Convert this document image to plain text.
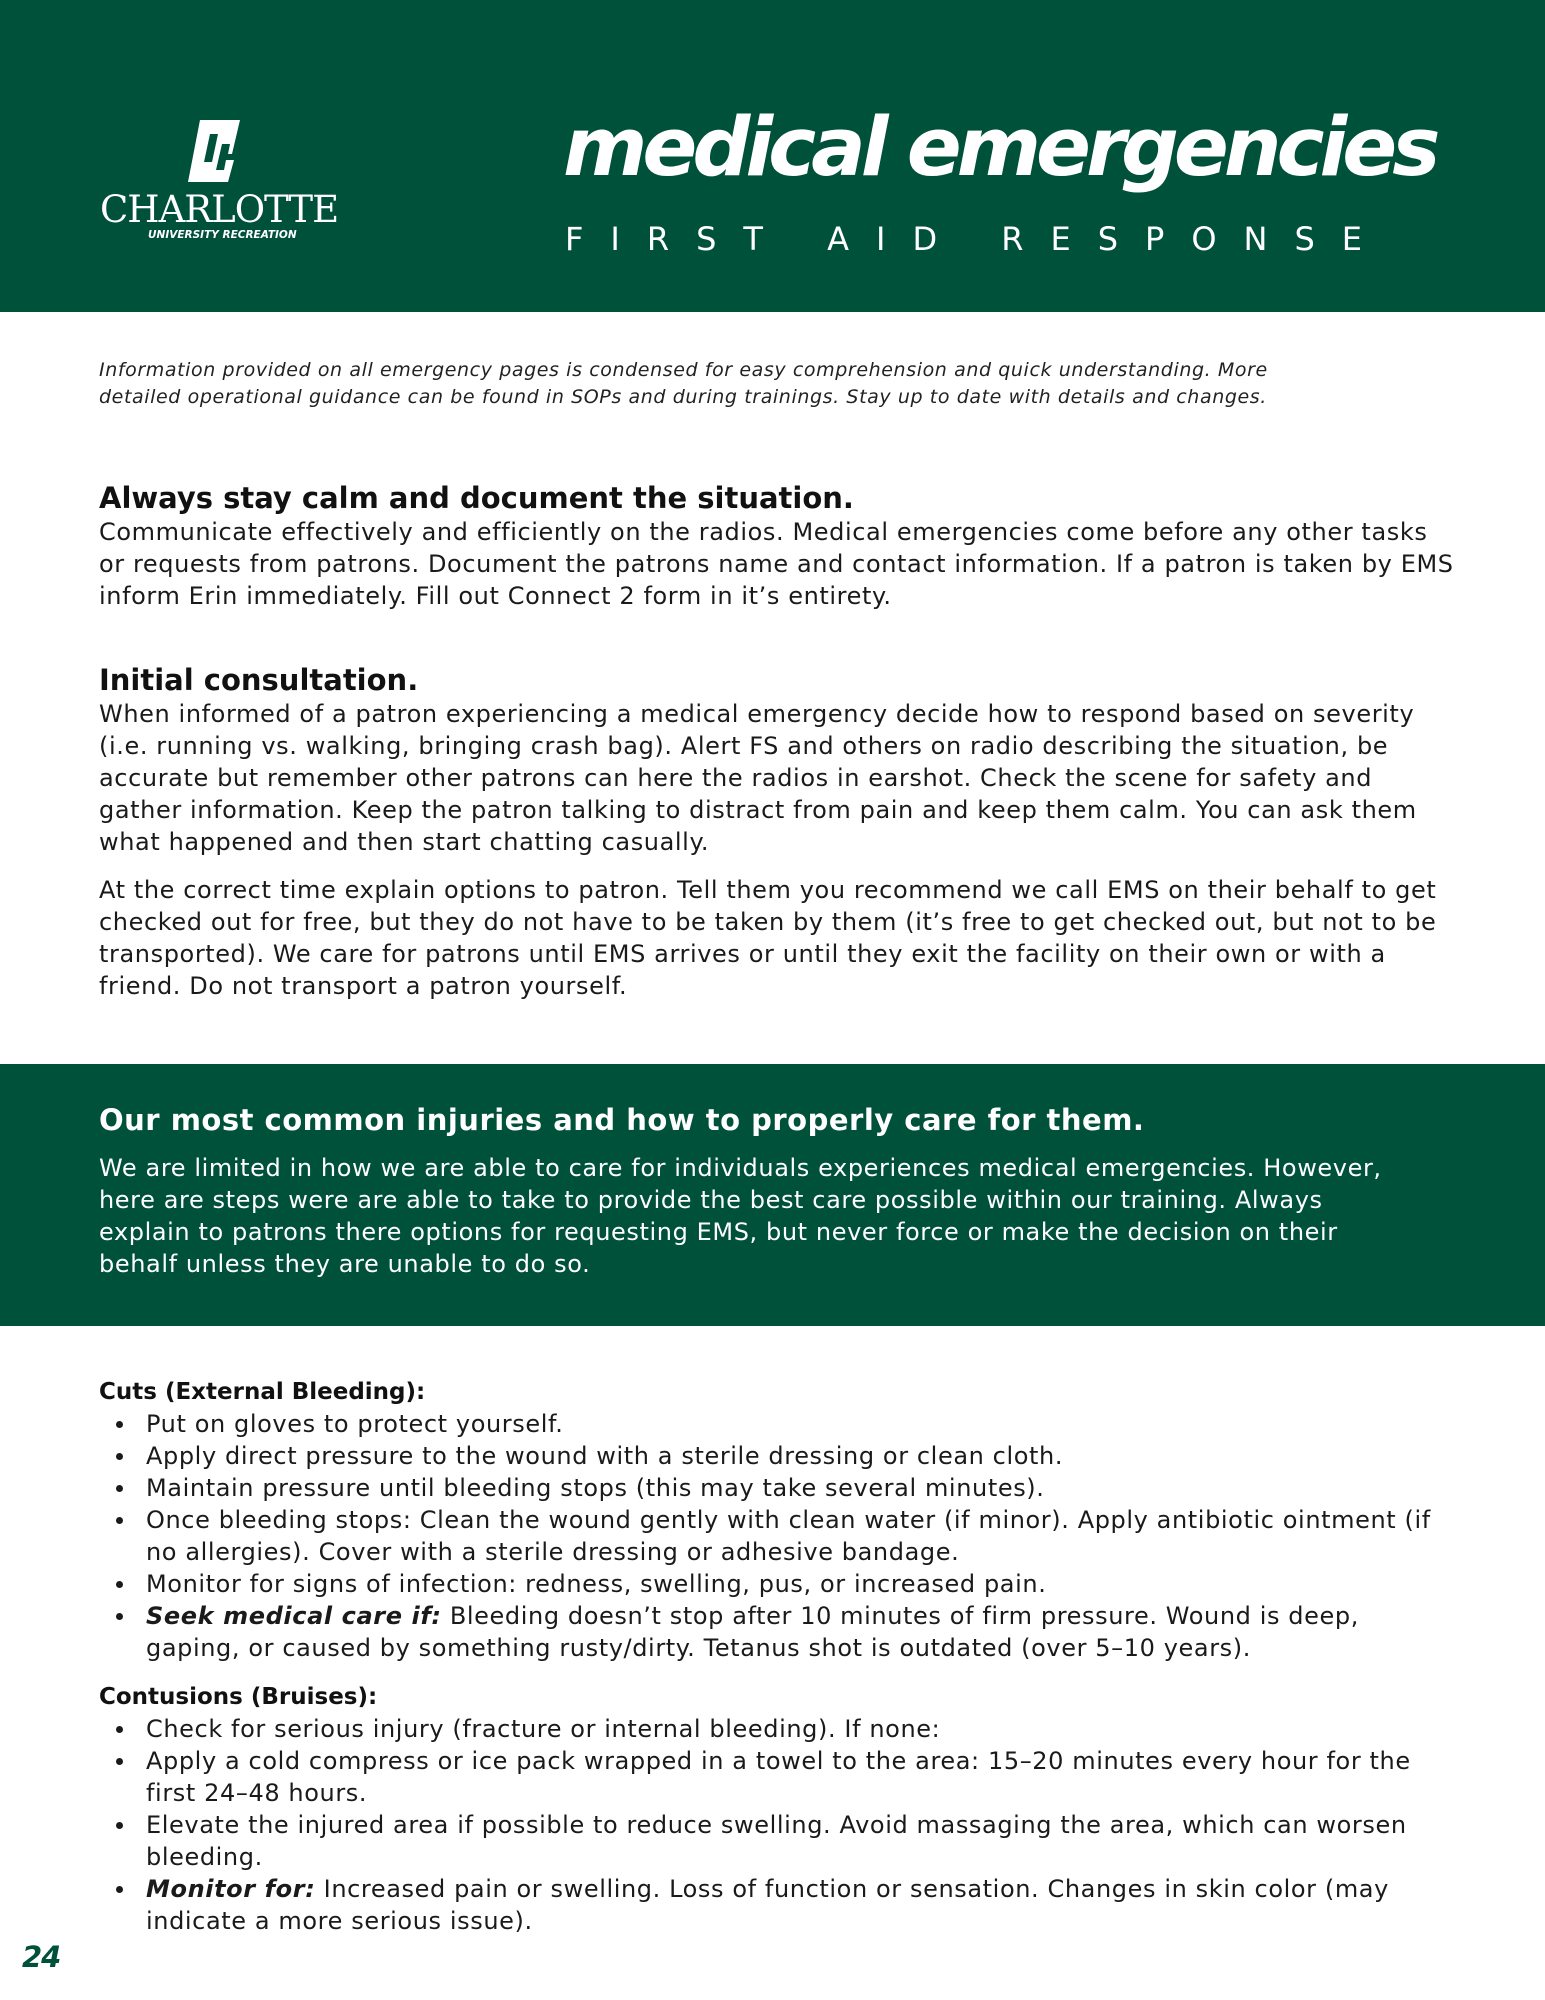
CHARLOTTE
UNIVERSITY RECREATION
medical emergencies
FIRST AID RESPONSE

Information provided on all emergency pages is condensed for easy comprehension and quick understanding. More detailed operational guidance can be found in SOPs and during trainings. Stay up to date with details and changes.

Always stay calm and document the situation.

Communicate effectively and efficiently on the radios. Medical emergencies come before any other tasks or requests from patrons. Document the patrons name and contact information. If a patron is taken by EMS inform Erin immediately. Fill out Connect 2 form in it’s entirety.

Initial consultation.

When informed of a patron experiencing a medical emergency decide how to respond based on severity (i.e. running vs. walking, bringing crash bag). Alert FS and others on radio describing the situation, be accurate but remember other patrons can here the radios in earshot. Check the scene for safety and gather information. Keep the patron talking to distract from pain and keep them calm. You can ask them what happened and then start chatting casually.

At the correct time explain options to patron. Tell them you recommend we call EMS on their behalf to get checked out for free, but they do not have to be taken by them (it’s free to get checked out, but not to be transported). We care for patrons until EMS arrives or until they exit the facility on their own or with a friend. Do not transport a patron yourself.

Our most common injuries and how to properly care for them.

We are limited in how we are able to care for individuals experiences medical emergencies. However, here are steps were are able to take to provide the best care possible within our training. Always explain to patrons there options for requesting EMS, but never force or make the decision on their behalf unless they are unable to do so.

Cuts (External Bleeding):
Put on gloves to protect yourself.
Apply direct pressure to the wound with a sterile dressing or clean cloth.
Maintain pressure until bleeding stops (this may take several minutes).
Once bleeding stops: Clean the wound gently with clean water (if minor). Apply antibiotic ointment (if no allergies). Cover with a sterile dressing or adhesive bandage.
Monitor for signs of infection: redness, swelling, pus, or increased pain.
Seek medical care if: Bleeding doesn’t stop after 10 minutes of firm pressure. Wound is deep, gaping, or caused by something rusty/dirty. Tetanus shot is outdated (over 5–10 years).
Contusions (Bruises):
Check for serious injury (fracture or internal bleeding). If none:
Apply a cold compress or ice pack wrapped in a towel to the area: 15–20 minutes every hour for the first 24–48 hours.
Elevate the injured area if possible to reduce swelling. Avoid massaging the area, which can worsen bleeding.
Monitor for: Increased pain or swelling. Loss of function or sensation. Changes in skin color (may indicate a more serious issue).
24
